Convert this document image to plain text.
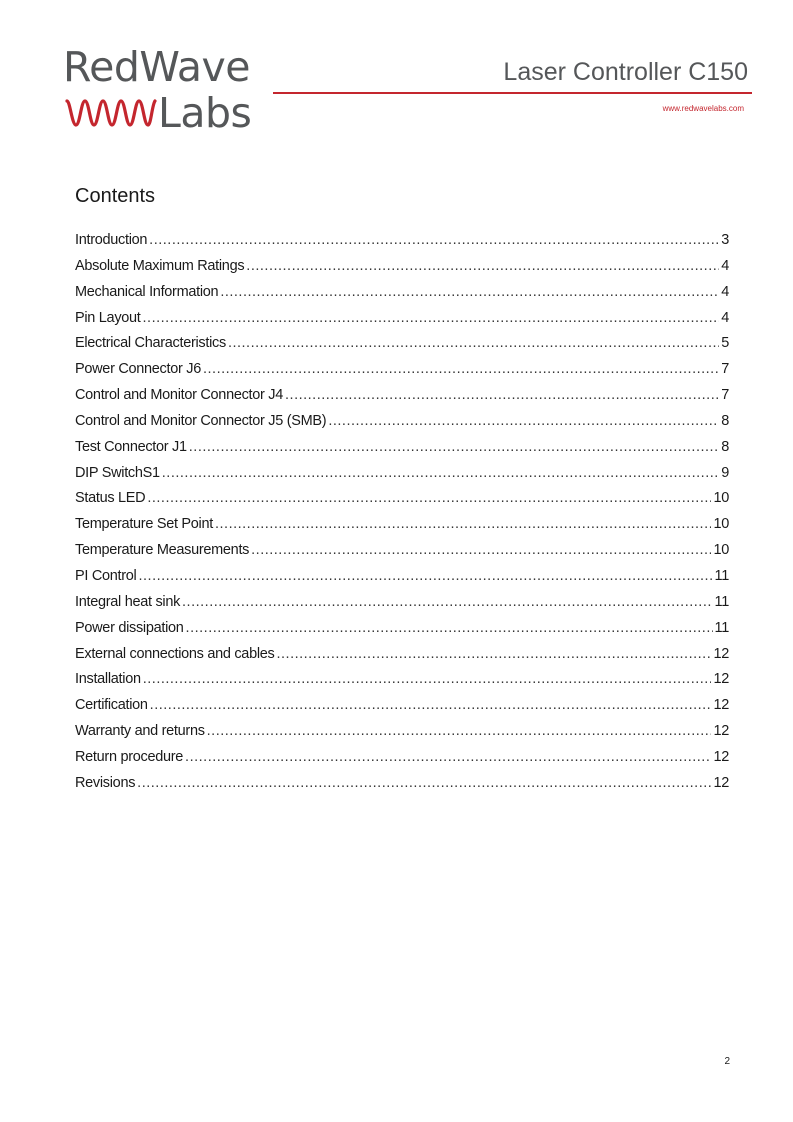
RedWave
Labs
Laser Controller C150
www.redwavelabs.com
Contents
Introduction .....	3
Absolute Maximum Ratings .....	4
Mechanical Information .....	4
Pin Layout .....	4
Electrical Characteristics .....	5
Power Connector J6 .....	7
Control and Monitor Connector J4 .....	7
Control and Monitor Connector J5 (SMB) .....	8
Test Connector J1 .....	8
DIP SwitchS1 .....	9
Status LED .....	10
Temperature Set Point .....	10
Temperature Measurements .....	10
PI Control .....	11
Integral heat sink .....	11
Power dissipation .....	11
External connections and cables .....	12
Installation .....	12
Certification .....	12
Warranty and returns .....	12
Return procedure .....	12
Revisions .....	12
2
